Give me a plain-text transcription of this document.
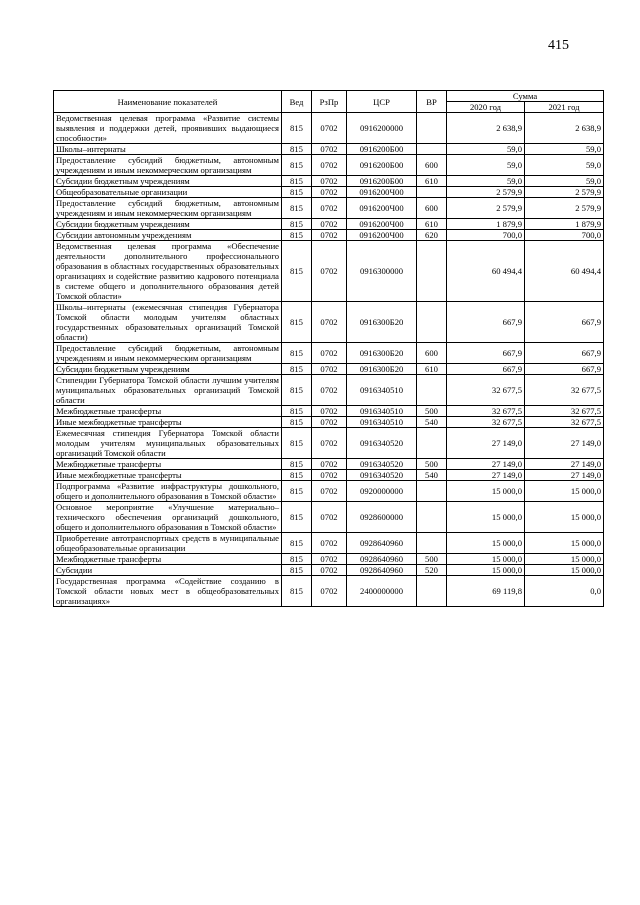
415
Наименование показателей	Вед	РзПр	ЦСР	ВР	Сумма	
					2020 год	2021 год
Ведомственная целевая программа «Развитие системы выявления и поддержки детей, проявивших выдающиеся способности»	815	0702	0916200000		2 638,9	2 638,9
Школы–интернаты	815	0702	0916200Б00		59,0	59,0
Предоставление субсидий бюджетным, автономным учреждениям и иным некоммерческим организациям	815	0702	0916200Б00	600	59,0	59,0
Субсидии бюджетным учреждениям	815	0702	0916200Б00	610	59,0	59,0
Общеобразовательные организации	815	0702	0916200Ч00		2 579,9	2 579,9
Предоставление субсидий бюджетным, автономным учреждениям и иным некоммерческим организациям	815	0702	0916200Ч00	600	2 579,9	2 579,9
Субсидии бюджетным учреждениям	815	0702	0916200Ч00	610	1 879,9	1 879,9
Субсидии автономным учреждениям	815	0702	0916200Ч00	620	700,0	700,0
Ведомственная целевая программа «Обеспечение деятельности дополнительного профессионального образования в областных государственных образовательных организациях и содействие развитию кадрового потенциала в системе общего и дополнительного образования детей Томской области»	815	0702	0916300000		60 494,4	60 494,4
Школы–интернаты (ежемесячная стипендия Губернатора Томской области молодым учителям областных государственных образовательных организаций Томской области)	815	0702	0916300Б20		667,9	667,9
Предоставление субсидий бюджетным, автономным учреждениям и иным некоммерческим организациям	815	0702	0916300Б20	600	667,9	667,9
Субсидии бюджетным учреждениям	815	0702	0916300Б20	610	667,9	667,9
Стипендии Губернатора Томской области лучшим учителям муниципальных образовательных организаций Томской области	815	0702	0916340510		32 677,5	32 677,5
Межбюджетные трансферты	815	0702	0916340510	500	32 677,5	32 677,5
Иные межбюджетные трансферты	815	0702	0916340510	540	32 677,5	32 677,5
Ежемесячная стипендия Губернатора Томской области молодым учителям муниципальных образовательных организаций Томской области	815	0702	0916340520		27 149,0	27 149,0
Межбюджетные трансферты	815	0702	0916340520	500	27 149,0	27 149,0
Иные межбюджетные трансферты	815	0702	0916340520	540	27 149,0	27 149,0
Подпрограмма «Развитие инфраструктуры дошкольного, общего и дополнительного образования в Томской области»	815	0702	0920000000		15 000,0	15 000,0
Основное мероприятие «Улучшение материально–технического обеспечения организаций дошкольного, общего и дополнительного образования в Томской области»	815	0702	0928600000		15 000,0	15 000,0
Приобретение автотранспортных средств в муниципальные общеобразовательные организации	815	0702	0928640960		15 000,0	15 000,0
Межбюджетные трансферты	815	0702	0928640960	500	15 000,0	15 000,0
Субсидии	815	0702	0928640960	520	15 000,0	15 000,0
Государственная программа «Содействие созданию в Томской области новых мест в общеобразовательных организациях»	815	0702	2400000000		69 119,8	0,0
